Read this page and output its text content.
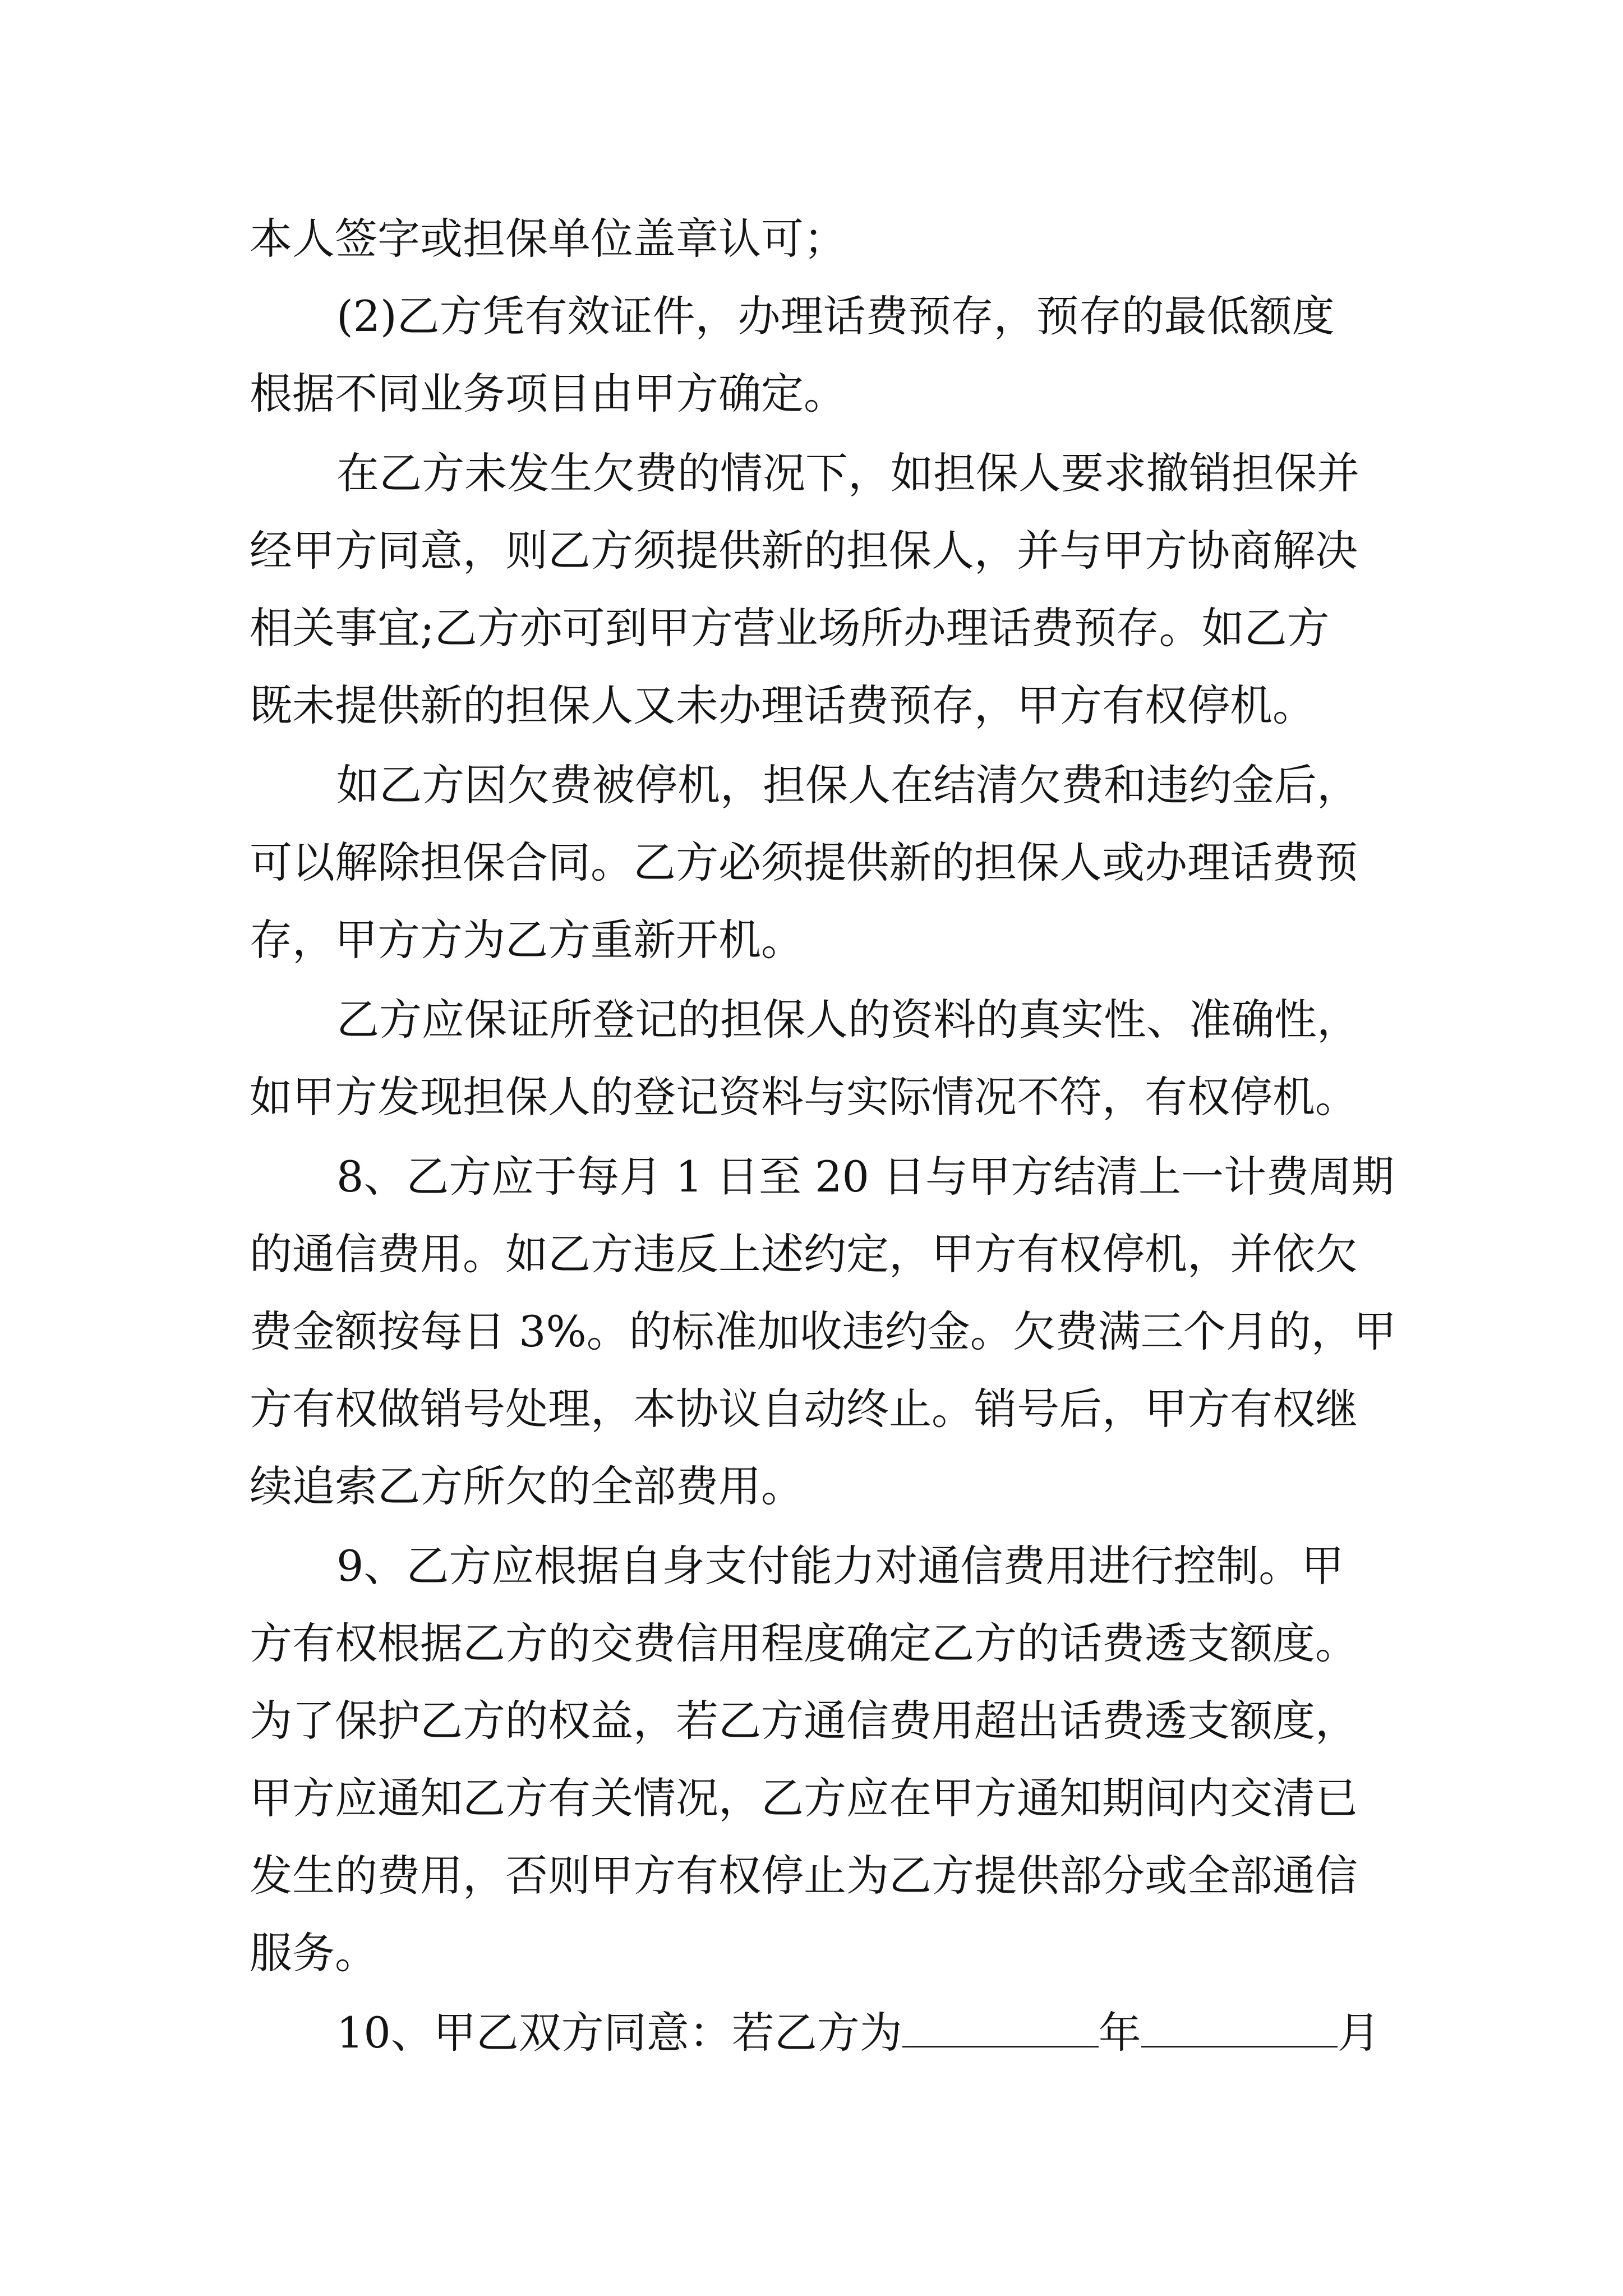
本人签字或担保单位盖章认可；
(2)乙方凭有效证件，办理话费预存，预存的最低额度
根据不同业务项目由甲方确定。
在乙方未发生欠费的情况下，如担保人要求撤销担保并
经甲方同意，则乙方须提供新的担保人，并与甲方协商解决
相关事宜;乙方亦可到甲方营业场所办理话费预存。如乙方
既未提供新的担保人又未办理话费预存，甲方有权停机。
如乙方因欠费被停机，担保人在结清欠费和违约金后，
可以解除担保合同。乙方必须提供新的担保人或办理话费预
存，甲方方为乙方重新开机。
乙方应保证所登记的担保人的资料的真实性、准确性，
如甲方发现担保人的登记资料与实际情况不符，有权停机。
8、乙方应于每月 1 日至 20 日与甲方结清上一计费周期
的通信费用。如乙方违反上述约定，甲方有权停机，并依欠
费金额按每日 3%。的标准加收违约金。欠费满三个月的，甲
方有权做销号处理，本协议自动终止。销号后，甲方有权继
续追索乙方所欠的全部费用。
9、乙方应根据自身支付能力对通信费用进行控制。甲
方有权根据乙方的交费信用程度确定乙方的话费透支额度。
为了保护乙方的权益，若乙方通信费用超出话费透支额度，
甲方应通知乙方有关情况，乙方应在甲方通知期间内交清已
发生的费用，否则甲方有权停止为乙方提供部分或全部通信
服务。
10、甲乙双方同意：若乙方为	年	月
